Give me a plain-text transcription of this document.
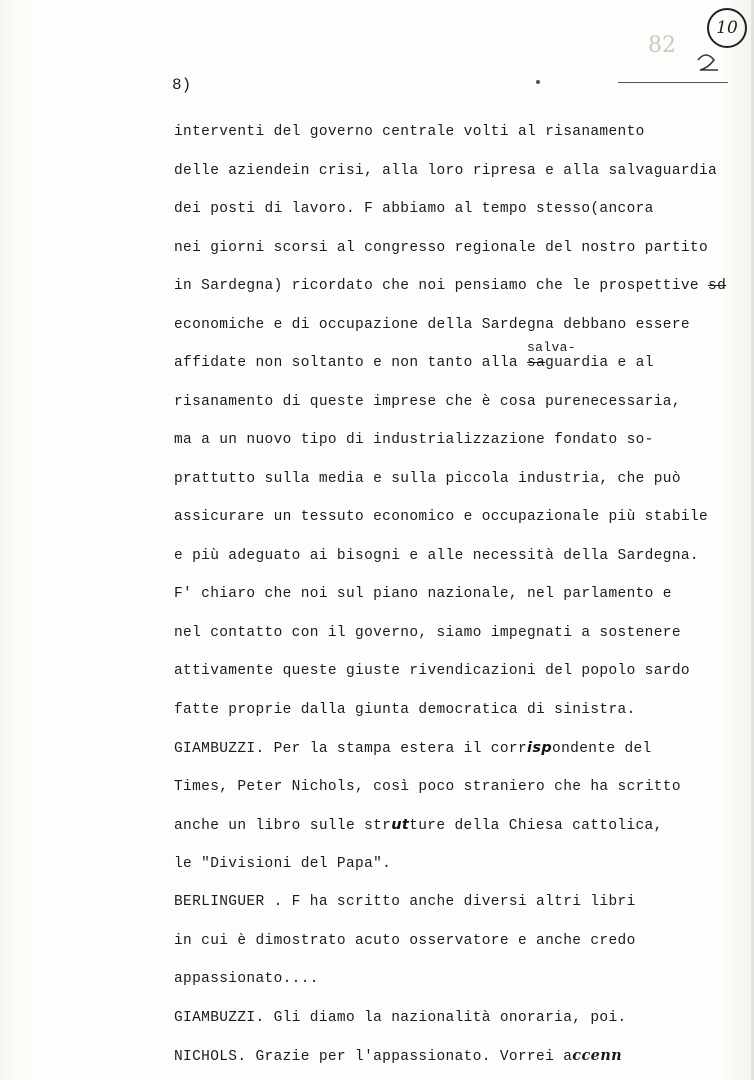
8)
82
10
interventi del governo centrale volti al risanamento
delle aziendein crisi, alla loro ripresa e alla salvaguardia
dei posti di lavoro. F abbiamo al tempo stesso(ancora
nei giorni scorsi al congresso regionale del nostro partito
in Sardegna) ricordato che noi pensiamo che le prospettive sd
economiche e di occupazione della Sardegna debbano essere
affidate non soltanto e non tanto alla
salva-
saguardia e al
risanamento di queste imprese che è cosa purenecessaria,
ma a un nuovo tipo di industrializzazione fondato so-
prattutto sulla media e sulla piccola industria, che può
assicurare un tessuto economico e occupazionale più stabile
e più adeguato ai bisogni e alle necessità della Sardegna.
F' chiaro che noi sul piano nazionale, nel parlamento e
nel contatto con il governo, siamo impegnati a sostenere
attivamente queste giuste rivendicazioni del popolo sardo
fatte proprie dalla giunta democratica di sinistra.
GIAMBUZZI. Per la stampa estera il corrispondente del
Times, Peter Nichols, così poco straniero che ha scritto
anche un libro sulle strutture della Chiesa cattolica,
le "Divisioni del Papa".
BERLINGUER . F ha scritto anche diversi altri libri
in cui è dimostrato acuto osservatore e anche credo
appassionato....
GIAMBUZZI. Gli diamo la nazionalità onoraria, poi.
NICHOLS. Grazie per l'appassionato. Vorrei accenn
